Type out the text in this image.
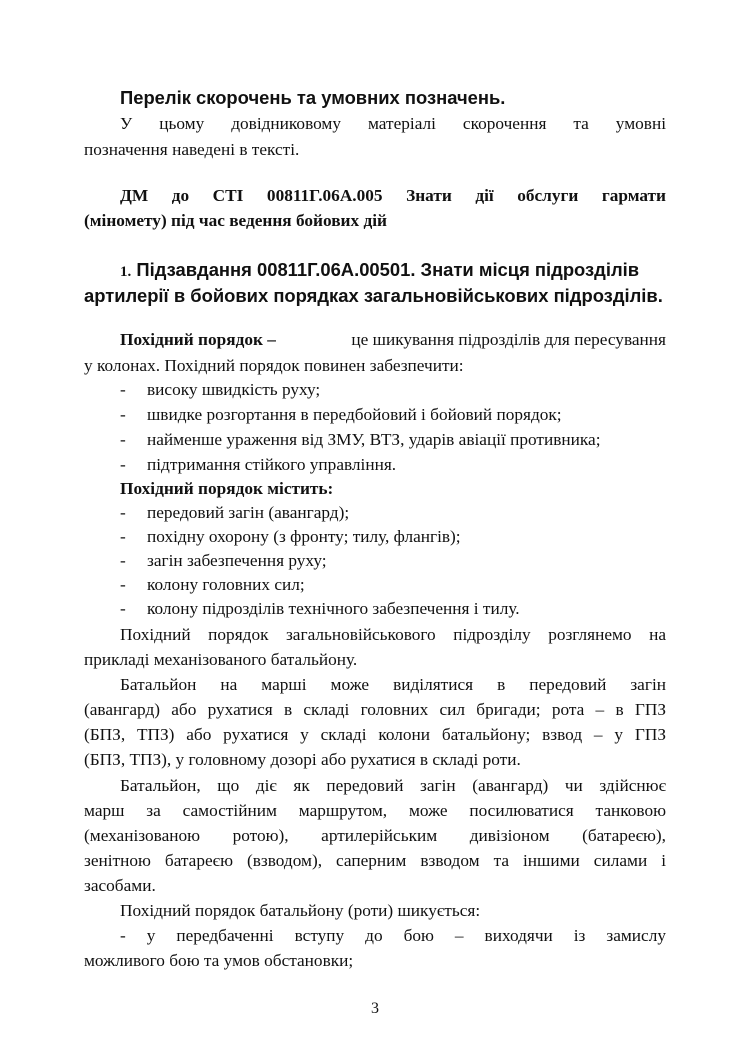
Перелік скорочень та умовних позначень.
У цьому довідниковому матеріалі скорочення та умовні
позначення наведені в тексті.
ДМ до СТІ 00811Г.06А.005 Знати дії обслуги гармати
(міномету) під час ведення бойових дій
1. Підзавдання 00811Г.06А.00501. Знати місця підрозділів
артилерії в бойових порядках загальновійськових підрозділів.
Похідний порядок –	це шикування підрозділів для пересування
у колонах. Похідний порядок повинен забезпечити:
- високу швидкість руху;
- швидке розгортання в передбойовий і бойовий порядок;
- найменше ураження від ЗМУ, ВТЗ, ударів авіації противника;
- підтримання стійкого управління.
Похідний порядок містить:
- передовий загін (авангард);
- похідну охорону (з фронту; тилу, флангів);
- загін забезпечення руху;
- колону головних сил;
- колону підрозділів технічного забезпечення і тилу.
Похідний порядок загальновійськового підрозділу розглянемо на
прикладі механізованого батальйону.
Батальйон на марші може виділятися в передовий загін
(авангард) або рухатися в складі головних сил бригади; рота – в ГПЗ
(БПЗ, ТПЗ) або рухатися у складі колони батальйону; взвод – у ГПЗ
(БПЗ, ТПЗ), у головному дозорі або рухатися в складі роти.
Батальйон, що діє як передовий загін (авангард) чи здійснює
марш за самостійним маршрутом, може посилюватися танковою
(механізованою ротою), артилерійським дивізіоном (батареєю),
зенітною батареєю (взводом), саперним взводом та іншими силами і
засобами.
Похідний порядок батальйону (роти) шикується:
- у передбаченні вступу до бою – виходячи із замислу
можливого бою та умов обстановки;
3
